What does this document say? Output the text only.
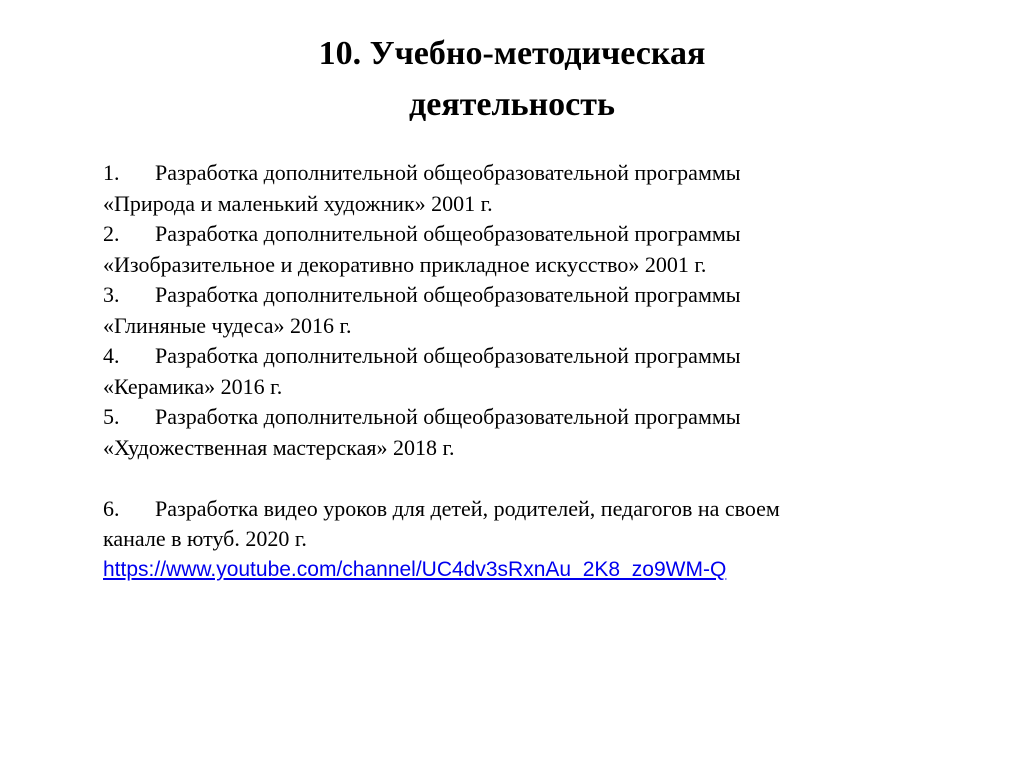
10. Учебно-методическая
деятельность
1. Разработка дополнительной общеобразовательной программы
«Природа и маленький художник» 2001 г.
2. Разработка дополнительной общеобразовательной программы
«Изобразительное и декоративно прикладное искусство» 2001 г.
3. Разработка дополнительной общеобразовательной программы
«Глиняные чудеса» 2016 г.
4. Разработка дополнительной общеобразовательной программы
«Керамика» 2016 г.
5. Разработка дополнительной общеобразовательной программы
«Художественная мастерская» 2018 г.
6. Разработка видео уроков для детей, родителей, педагогов на своем
канале в ютуб. 2020 г.
https://www.youtube.com/channel/UC4dv3sRxnAu_2K8_zo9WM-Q
